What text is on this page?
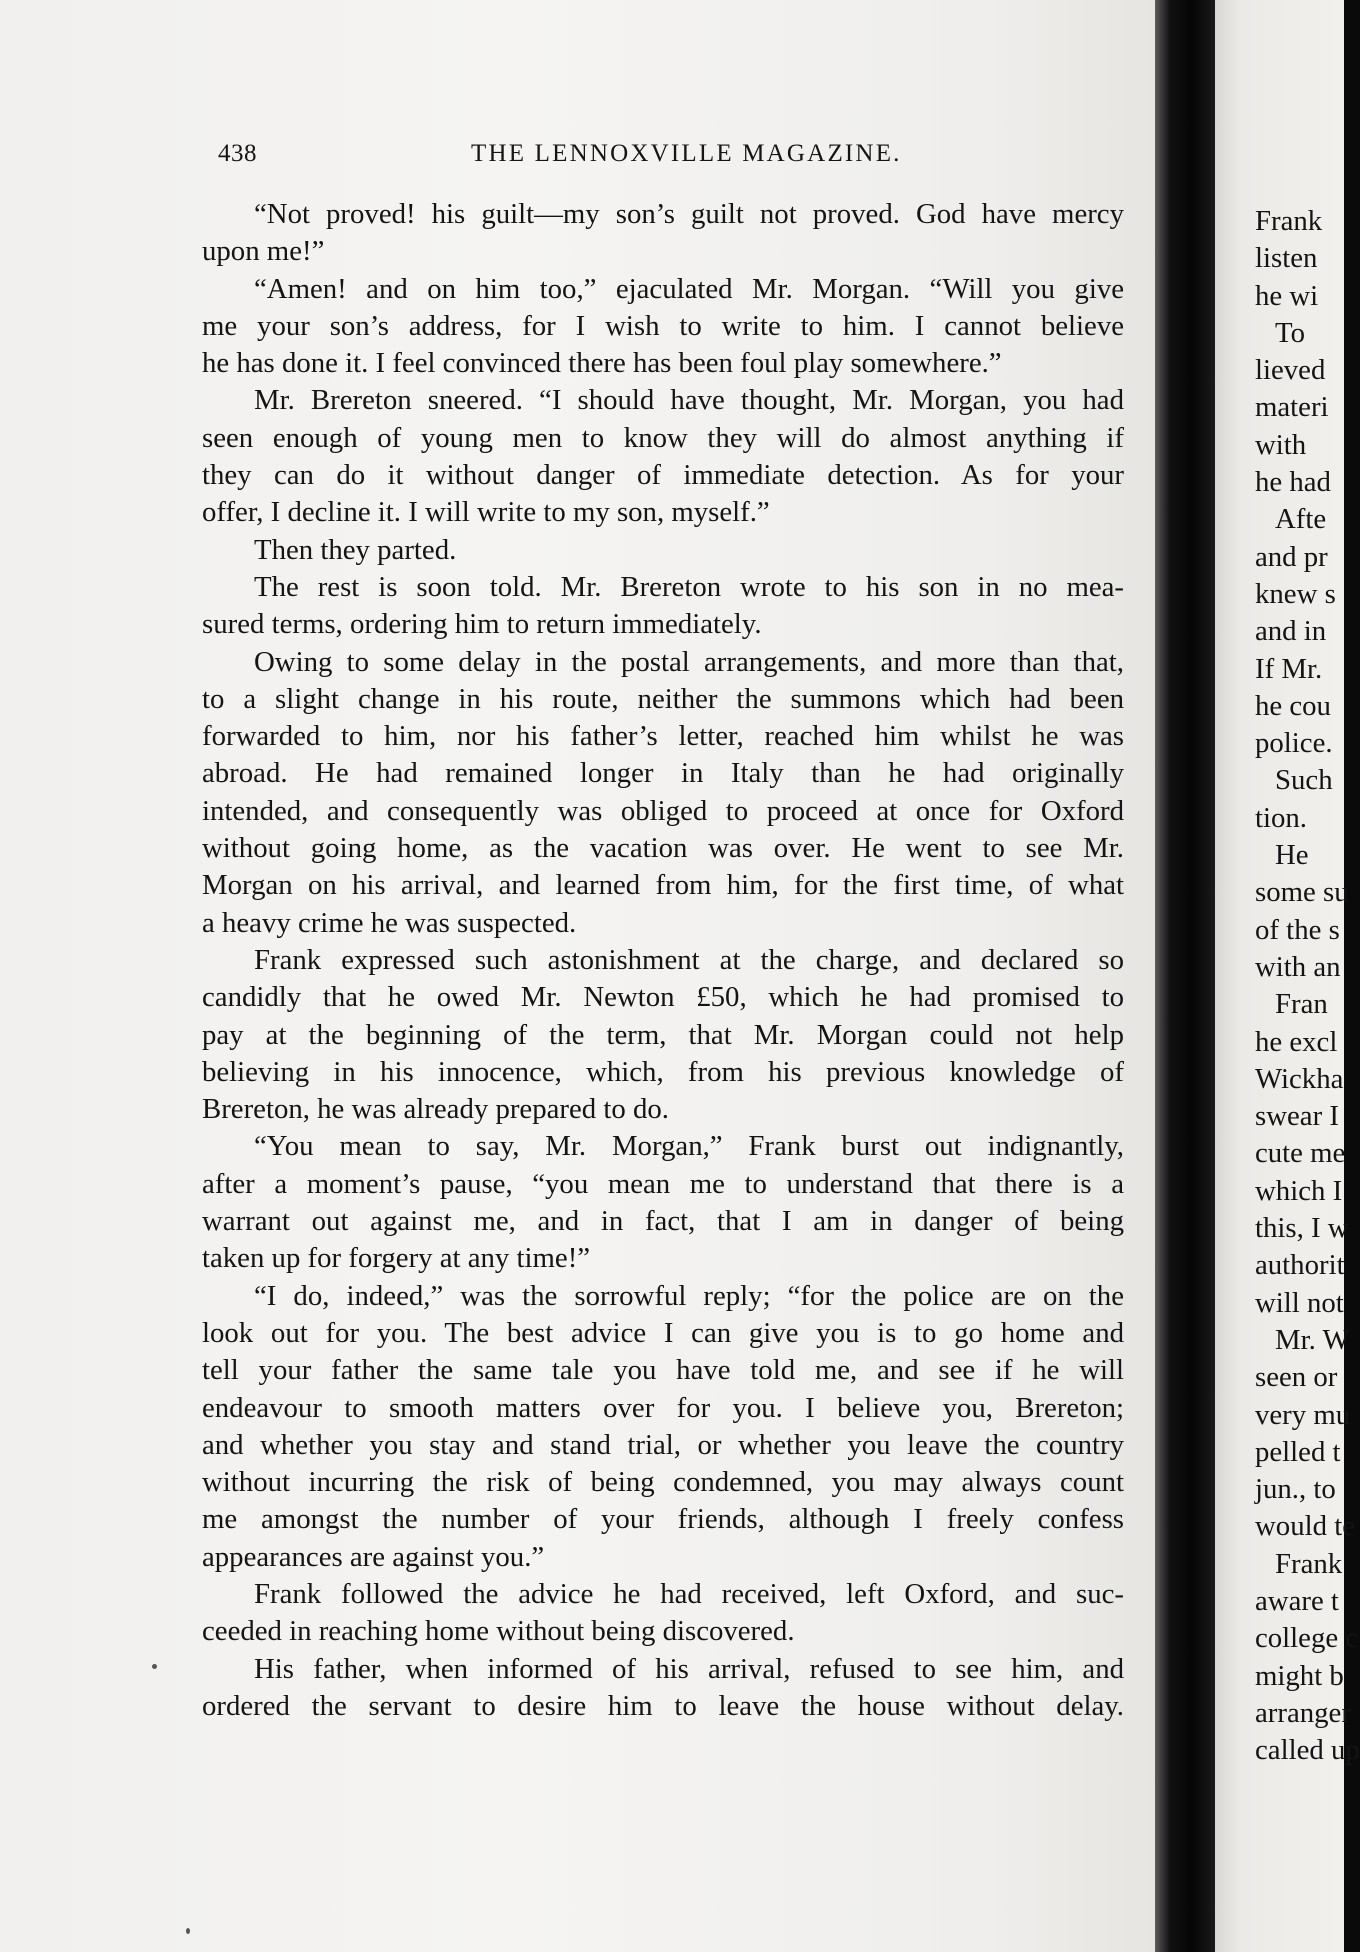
438	THE LENNOXVILLE MAGAZINE.
“Not proved! his guilt—my son’s guilt not proved. God have mercy
upon me!”
“Amen! and on him too,” ejaculated Mr. Morgan. “Will you give
me your son’s address, for I wish to write to him. I cannot believe
he has done it. I feel convinced there has been foul play somewhere.”
Mr. Brereton sneered. “I should have thought, Mr. Morgan, you had
seen enough of young men to know they will do almost anything if
they can do it without danger of immediate detection. As for your
offer, I decline it. I will write to my son, myself.”
Then they parted.
The rest is soon told. Mr. Brereton wrote to his son in no mea-
sured terms, ordering him to return immediately.
Owing to some delay in the postal arrangements, and more than that,
to a slight change in his route, neither the summons which had been
forwarded to him, nor his father’s letter, reached him whilst he was
abroad. He had remained longer in Italy than he had originally
intended, and consequently was obliged to proceed at once for Oxford
without going home, as the vacation was over. He went to see Mr.
Morgan on his arrival, and learned from him, for the first time, of what
a heavy crime he was suspected.
Frank expressed such astonishment at the charge, and declared so
candidly that he owed Mr. Newton £50, which he had promised to
pay at the beginning of the term, that Mr. Morgan could not help
believing in his innocence, which, from his previous knowledge of
Brereton, he was already prepared to do.
“You mean to say, Mr. Morgan,” Frank burst out indignantly,
after a moment’s pause, “you mean me to understand that there is a
warrant out against me, and in fact, that I am in danger of being
taken up for forgery at any time!”
“I do, indeed,” was the sorrowful reply; “for the police are on the
look out for you. The best advice I can give you is to go home and
tell your father the same tale you have told me, and see if he will
endeavour to smooth matters over for you. I believe you, Brereton;
and whether you stay and stand trial, or whether you leave the country
without incurring the risk of being condemned, you may always count
me amongst the number of your friends, although I freely confess
appearances are against you.”
Frank followed the advice he had received, left Oxford, and suc-
ceeded in reaching home without being discovered.
His father, when informed of his arrival, refused to see him, and
ordered the servant to desire him to leave the house without delay.
Frank
listen
he wi
To
lieved
materi
with
he had
Afte
and pr
knew s
and in
If Mr.
he cou
police.
Such
tion.
He
some su
of the s
with an
Fran
he excl
Wickha
swear I
cute me
which I
this, I w
authorit
will not
Mr. W
seen or
very mu
pelled t
jun., to
would te
Frank
aware t
college c
might b
arranger
called up
